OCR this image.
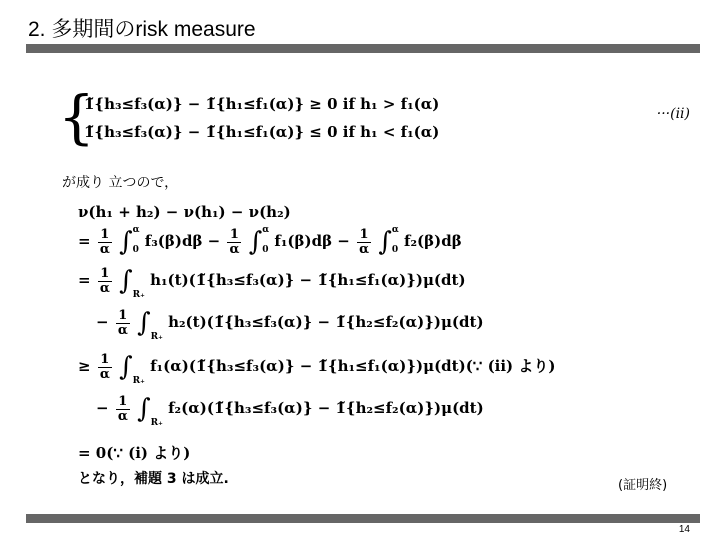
2. 多期間のrisk measure
{
1̃{h₃≤f₃(α)} − 1̃{h₁≤f₁(α)} ≥ 0 if h₁ > f₁(α)
1̃{h₃≤f₃(α)} − 1̃{h₁≤f₁(α)} ≤ 0 if h₁ < f₁(α)
···(ii)
が成り 立つので，
ν(h₁ + h₂) − ν(h₁) − ν(h₂)
= $\frac{1}{\alpha}$ ∫ α
0 $f_3(\beta)d\beta - \frac{1}{\alpha}$ ∫ α
0 $f_1(\beta)d\beta - \frac{1}{\alpha}$ ∫ α
0 f₂(β)dβ
= $\frac{1}{\alpha} \int_{R_+}$ h₁(t)(1̃{h₃≤f₃(α)} − 1̃{h₁≤f₁(α)})μ(dt)
− $\frac{1}{\alpha} \int_{R_+}$ h₂(t)(1̃{h₃≤f₃(α)} − 1̃{h₂≤f₂(α)})μ(dt)
≥ $\frac{1}{\alpha} \int_{R_+}$ f₁(α)(1̃{h₃≤f₃(α)} − 1̃{h₁≤f₁(α)})μ(dt)(∵ (ii) より)
− $\frac{1}{\alpha} \int_{R_+}$ f₂(α)(1̃{h₃≤f₃(α)} − 1̃{h₂≤f₂(α)})μ(dt)
= 0(∵ (i) より)
となり，補題 3 は成立.	(証明終)
14
